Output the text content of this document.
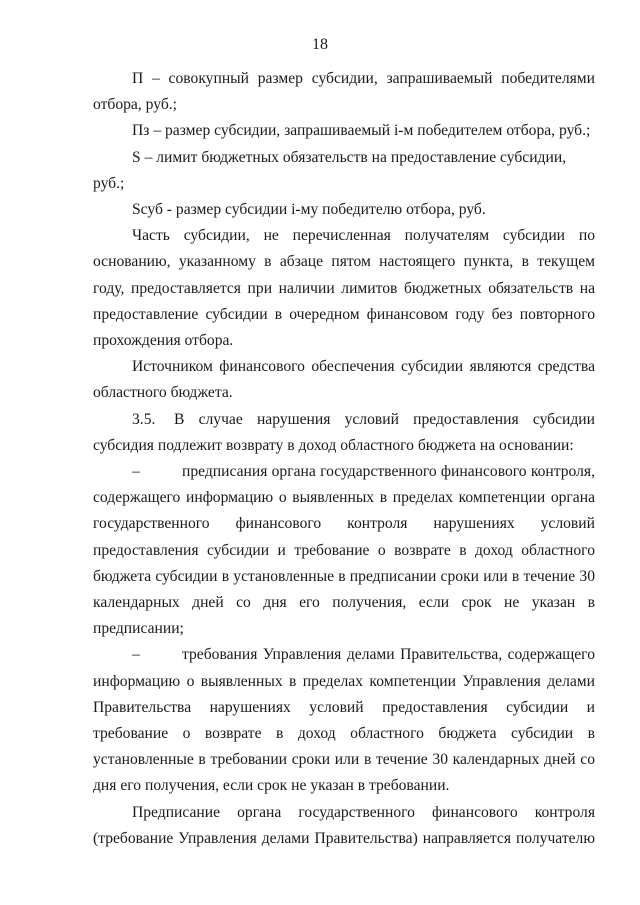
18

П – совокупный размер субсидии, запрашиваемый победителями отбора, руб.;

Пз – размер субсидии, запрашиваемый i-м победителем отбора, руб.;

S – лимит бюджетных обязательств на предоставление субсидии, руб.;

Sсуб - размер субсидии i-му победителю отбора, руб.

Часть субсидии, не перечисленная получателям субсидии по основанию, указанному в абзаце пятом настоящего пункта, в текущем году, предоставляется при наличии лимитов бюджетных обязательств на предоставление субсидии в очередном финансовом году без повторного прохождения отбора.

Источником финансового обеспечения субсидии являются средства областного бюджета.

3.5. В случае нарушения условий предоставления субсидии субсидия подлежит возврату в доход областного бюджета на основании:

–	предписания органа государственного финансового контроля, содержащего информацию о выявленных в пределах компетенции органа государственного финансового контроля нарушениях условий предоставления субсидии и требование о возврате в доход областного бюджета субсидии в установленные в предписании сроки или в течение 30 календарных дней со дня его получения, если срок не указан в предписании;

–	требования Управления делами Правительства, содержащего информацию о выявленных в пределах компетенции Управления делами Правительства нарушениях условий предоставления субсидии и требование о возврате в доход областного бюджета субсидии в установленные в требовании сроки или в течение 30 календарных дней со дня его получения, если срок не указан в требовании.

Предписание органа государственного финансового контроля (требование Управления делами Правительства) направляется получателю
